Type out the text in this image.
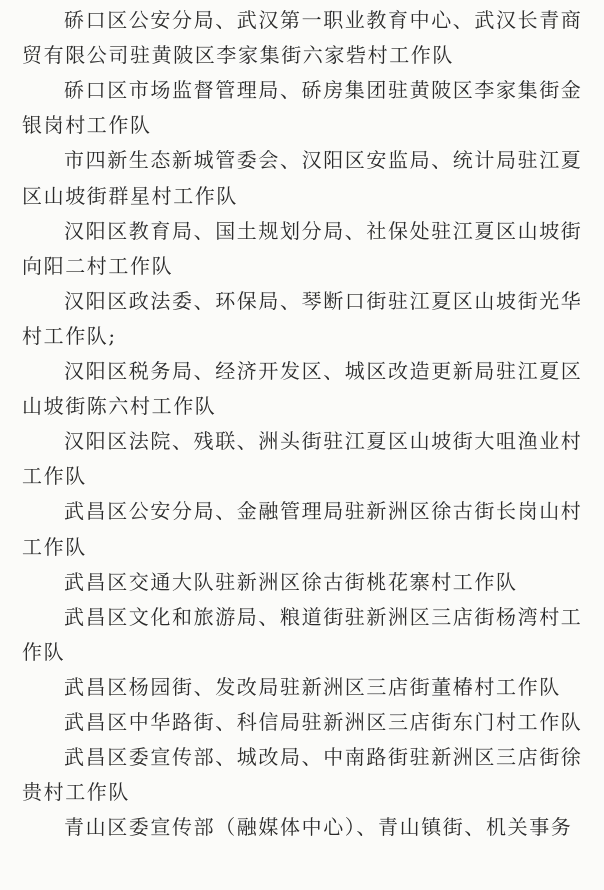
硚口区公安分局、武汉第一职业教育中心、武汉长青商
贸有限公司驻黄陂区李家集街六家砦村工作队
硚口区市场监督管理局、硚房集团驻黄陂区李家集街金
银岗村工作队
市四新生态新城管委会、汉阳区安监局、统计局驻江夏
区山坡街群星村工作队
汉阳区教育局、国土规划分局、社保处驻江夏区山坡街
向阳二村工作队
汉阳区政法委、环保局、琴断口街驻江夏区山坡街光华
村工作队;
汉阳区税务局、经济开发区、城区改造更新局驻江夏区
山坡街陈六村工作队
汉阳区法院、残联、洲头街驻江夏区山坡街大咀渔业村
工作队
武昌区公安分局、金融管理局驻新洲区徐古街长岗山村
工作队
武昌区交通大队驻新洲区徐古街桃花寨村工作队
武昌区文化和旅游局、粮道街驻新洲区三店街杨湾村工
作队
武昌区杨园街、发改局驻新洲区三店街董椿村工作队
武昌区中华路街、科信局驻新洲区三店街东门村工作队
武昌区委宣传部、城改局、中南路街驻新洲区三店街徐
贵村工作队
青山区委宣传部（融媒体中心）、青山镇街、机关事务
